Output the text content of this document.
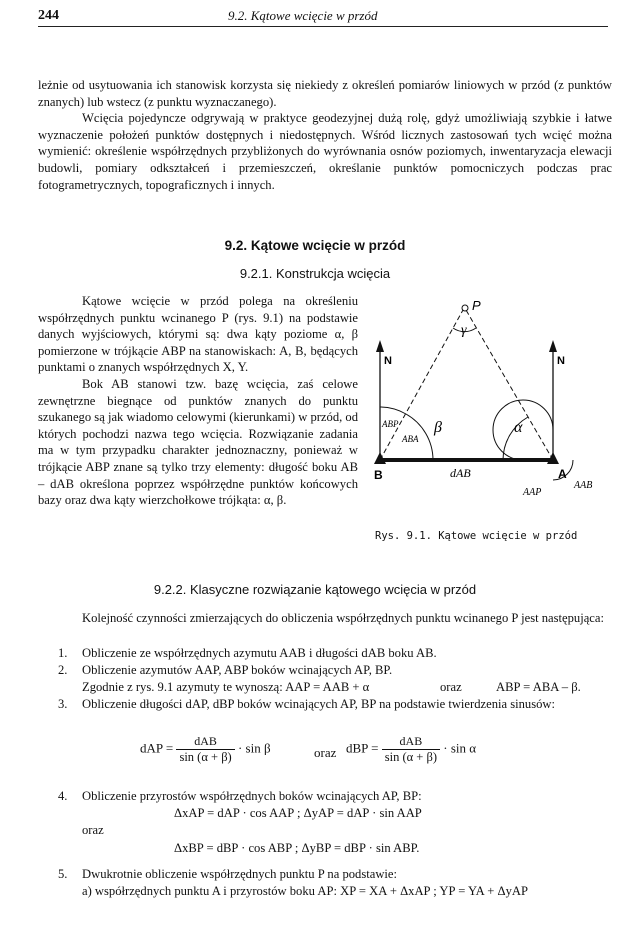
244	9.2. Kątowe wcięcie w przód

leżnie od usytuowania ich stanowisk korzysta się niekiedy z określeń pomiarów liniowych w przód (z punktów znanych) lub wstecz (z punktu wyznaczanego).

Wcięcia pojedyncze odgrywają w praktyce geodezyjnej dużą rolę, gdyż umożliwiają szybkie i łatwe wyznaczenie położeń punktów dostępnych i niedostępnych. Wśród licznych zastosowań tych wcięć można wymienić: określenie współrzędnych przybliżonych do wyrównania osnów poziomych, inwentaryzacja elewacji budowli, pomiary odkształceń i przemieszczeń, określanie punktów pomocniczych podczas prac fotogrametrycznych, topograficznych i innych.

9.2. Kątowe wcięcie w przód
9.2.1. Konstrukcja wcięcia

Kątowe wcięcie w przód polega na określeniu współrzędnych punktu wcinanego P (rys. 9.1) na podstawie danych wyjściowych, którymi są: dwa kąty poziome α, β pomierzone w trójkącie ABP na stanowiskach: A, B, będących punktami o znanych współrzędnych X, Y.

Bok AB stanowi tzw. bazę wcięcia, zaś celowe zewnętrzne biegnące od punktów znanych do punktu szukanego są jak wiadomo celowymi (kierunkami) w przód, od których pochodzi nazwa tego wcięcia. Rozwiązanie zadania ma w tym przypadku charakter jednoznaczny, ponieważ w trójkącie ABP znane są tylko trzy elementy: długość boku AB – dAB określona poprzez współrzędne punktów końcowych bazy oraz dwa kąty wierzchołkowe trójkąta: α, β.

P
γ
β	α
B	A
dAB
AAP
AAB
ABP
ABA
N	N
Rys. 9.1. Kątowe wcięcie w przód
9.2.2. Klasyczne rozwiązanie kątowego wcięcia w przód

Kolejność czynności zmierzających do obliczenia współrzędnych punktu wcinanego P jest następująca:

1. Obliczenie ze współrzędnych azymutu AAB i długości dAB boku AB.
2. Obliczenie azymutów AAP, ABP boków wcinających AP, BP.
Zgodnie z rys. 9.1 azymuty te wynoszą: AAP = AAB + α	oraz	ABP = ABA – β.
3. Obliczenie długości dAP, dBP boków wcinających AP, BP na podstawie twierdzenia sinusów:
dAP = $\frac{\text{dAB}}{\sin (\alpha + \beta)} \cdot \sin \beta$	oraz dBP = $\frac{\text{dAB}}{\sin (\alpha + \beta)} \cdot \sin \alpha$
4. Obliczenie przyrostów współrzędnych boków wcinających AP, BP:
ΔxAP = dAP · cos AAP ; ΔyAP = dAP · sin AAP
oraz
ΔxBP = dBP · cos ABP ; ΔyBP = dBP · sin ABP.
5. Dwukrotnie obliczenie współrzędnych punktu P na podstawie:
a) współrzędnych punktu A i przyrostów boku AP: XP = XA + ΔxAP ; YP = YA + ΔyAP
